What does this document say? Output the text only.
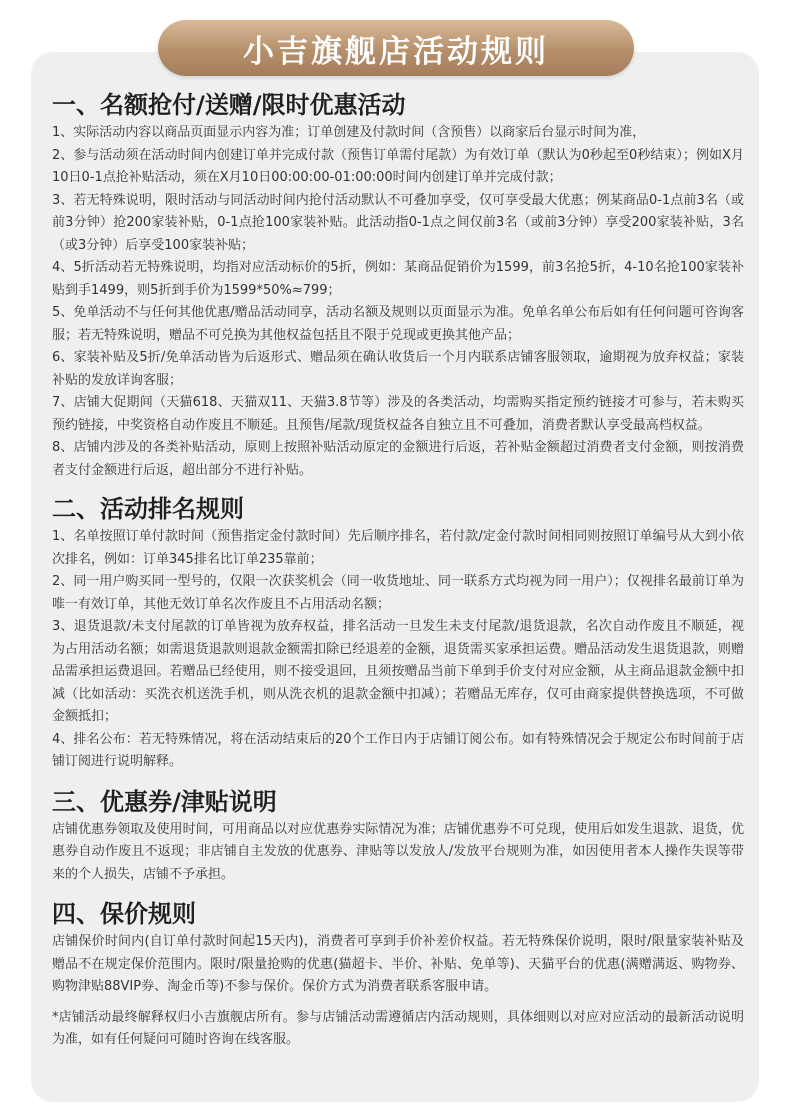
小吉旗舰店活动规则
一、名额抢付/送赠/限时优惠活动

1、实际活动内容以商品页面显示内容为准；订单创建及付款时间（含预售）以商家后台显示时间为准，

2、参与活动须在活动时间内创建订单并完成付款（预售订单需付尾款）为有效订单（默认为0秒起至0秒结束）；例如X月10日0-1点抢补贴活动，须在X月10日00:00:00-01:00:00时间内创建订单并完成付款；

3、若无特殊说明，限时活动与同活动时间内抢付活动默认不可叠加享受，仅可享受最大优惠；例某商品0-1点前3名（或前3分钟）抢200家装补贴，0-1点抢100家装补贴。此活动指0-1点之间仅前3名（或前3分钟）享受200家装补贴，3名（或3分钟）后享受100家装补贴；

4、5折活动若无特殊说明，均指对应活动标价的5折，例如：某商品促销价为1599，前3名抢5折，4-10名抢100家装补贴到手1499，则5折到手价为1599*50%≈799；

5、免单活动不与任何其他优惠/赠品活动同享，活动名额及规则以页面显示为准。免单名单公布后如有任何问题可咨询客服；若无特殊说明，赠品不可兑换为其他权益包括且不限于兑现或更换其他产品；

6、家装补贴及5折/免单活动皆为后返形式、赠品须在确认收货后一个月内联系店铺客服领取，逾期视为放弃权益；家装补贴的发放详询客服；

7、店铺大促期间（天猫618、天猫双11、天猫3.8节等）涉及的各类活动，均需购买指定预约链接才可参与，若未购买预约链接，中奖资格自动作废且不顺延。且预售/尾款/现货权益各自独立且不可叠加，消费者默认享受最高档权益。

8、店铺内涉及的各类补贴活动，原则上按照补贴活动原定的金额进行后返，若补贴金额超过消费者支付金额，则按消费者支付金额进行后返，超出部分不进行补贴。

二、活动排名规则

1、名单按照订单付款时间（预售指定金付款时间）先后顺序排名，若付款/定金付款时间相同则按照订单编号从大到小依次排名，例如：订单345排名比订单235靠前；

2、同一用户购买同一型号的，仅限一次获奖机会（同一收货地址、同一联系方式均视为同一用户）；仅视排名最前订单为唯一有效订单，其他无效订单名次作废且不占用活动名额；

3、退货退款/未支付尾款的订单皆视为放弃权益，排名活动一旦发生未支付尾款/退货退款，名次自动作废且不顺延，视为占用活动名额；如需退货退款则退款金额需扣除已经退差的金额，退货需买家承担运费。赠品活动发生退货退款，则赠品需承担运费退回。若赠品已经使用，则不接受退回，且须按赠品当前下单到手价支付对应金额，从主商品退款金额中扣减（比如活动：买洗衣机送洗手机，则从洗衣机的退款金额中扣减）；若赠品无库存，仅可由商家提供替换选项，不可做金额抵扣；

4、排名公布：若无特殊情况，将在活动结束后的20个工作日内于店铺订阅公布。如有特殊情况会于规定公布时间前于店铺订阅进行说明解释。

三、优惠券/津贴说明

店铺优惠券领取及使用时间，可用商品以对应优惠券实际情况为准；店铺优惠券不可兑现，使用后如发生退款、退货，优惠券自动作废且不返现；非店铺自主发放的优惠券、津贴等以发放人/发放平台规则为准，如因使用者本人操作失误等带来的个人损失，店铺不予承担。

四、保价规则

店铺保价时间内(自订单付款时间起15天内)，消费者可享到手价补差价权益。若无特殊保价说明，限时/限量家装补贴及赠品不在规定保价范围内。限时/限量抢购的优惠(猫超卡、半价、补贴、免单等)、天猫平台的优惠(满赠满返、购物券、购物津贴88VIP券、淘金币等)不参与保价。保价方式为消费者联系客服申请。

*店铺活动最终解释权归小吉旗舰店所有。参与店铺活动需遵循店内活动规则，具体细则以对应对应活动的最新活动说明为准，如有任何疑问可随时咨询在线客服。
